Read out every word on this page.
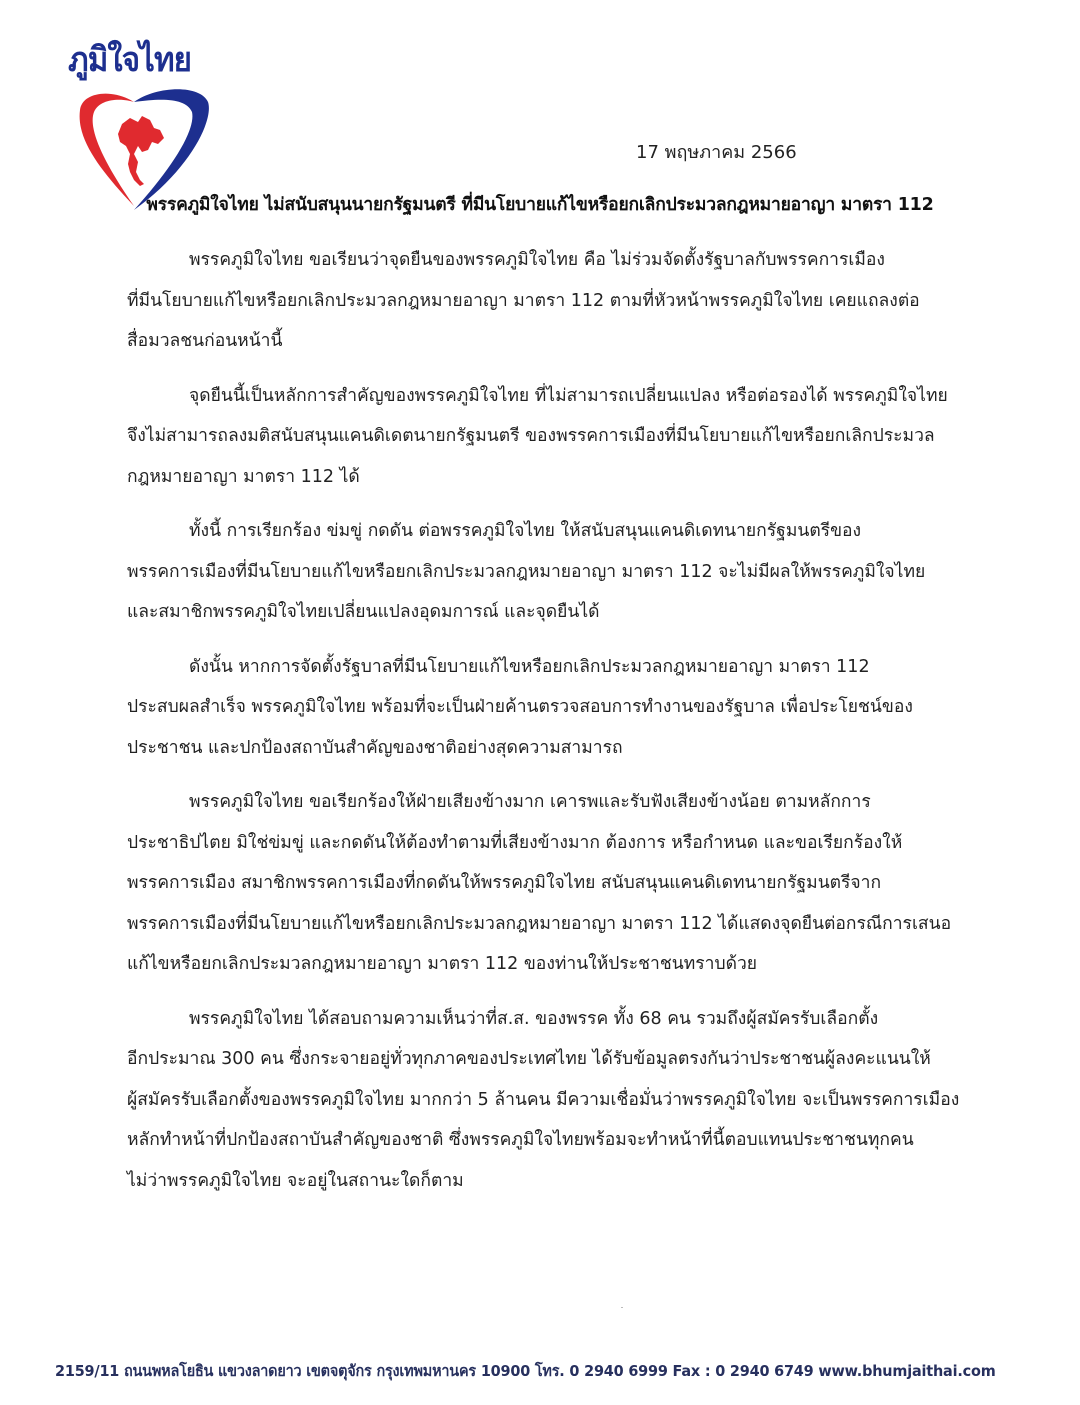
ภูมิใจไทย
17 พฤษภาคม 2566
พรรคภูมิใจไทย ไม่สนับสนุนนายกรัฐมนตรี ที่มีนโยบายแก้ไขหรือยกเลิกประมวลกฎหมายอาญา มาตรา 112
พรรคภูมิใจไทย ขอเรียนว่าจุดยืนของพรรคภูมิใจไทย คือ ไม่ร่วมจัดตั้งรัฐบาลกับพรรคการเมือง
ที่มีนโยบายแก้ไขหรือยกเลิกประมวลกฎหมายอาญา มาตรา 112 ตามที่หัวหน้าพรรคภูมิใจไทย เคยแถลงต่อ
สื่อมวลชนก่อนหน้านี้
จุดยืนนี้เป็นหลักการสำคัญของพรรคภูมิใจไทย ที่ไม่สามารถเปลี่ยนแปลง หรือต่อรองได้ พรรคภูมิใจไทย
จึงไม่สามารถลงมติสนับสนุนแคนดิเดตนายกรัฐมนตรี ของพรรคการเมืองที่มีนโยบายแก้ไขหรือยกเลิกประมวล
กฎหมายอาญา มาตรา 112 ได้
ทั้งนี้ การเรียกร้อง ข่มขู่ กดดัน ต่อพรรคภูมิใจไทย ให้สนับสนุนแคนดิเดทนายกรัฐมนตรีของ
พรรคการเมืองที่มีนโยบายแก้ไขหรือยกเลิกประมวลกฎหมายอาญา มาตรา 112 จะไม่มีผลให้พรรคภูมิใจไทย
และสมาชิกพรรคภูมิใจไทยเปลี่ยนแปลงอุดมการณ์ และจุดยืนได้
ดังนั้น หากการจัดตั้งรัฐบาลที่มีนโยบายแก้ไขหรือยกเลิกประมวลกฎหมายอาญา มาตรา 112
ประสบผลสำเร็จ พรรคภูมิใจไทย พร้อมที่จะเป็นฝ่ายค้านตรวจสอบการทำงานของรัฐบาล เพื่อประโยชน์ของ
ประชาชน และปกป้องสถาบันสำคัญของชาติอย่างสุดความสามารถ
พรรคภูมิใจไทย ขอเรียกร้องให้ฝ่ายเสียงข้างมาก เคารพและรับฟังเสียงข้างน้อย ตามหลักการ
ประชาธิปไตย มิใช่ข่มขู่ และกดดันให้ต้องทำตามที่เสียงข้างมาก ต้องการ หรือกำหนด และขอเรียกร้องให้
พรรคการเมือง สมาชิกพรรคการเมืองที่กดดันให้พรรคภูมิใจไทย สนับสนุนแคนดิเดทนายกรัฐมนตรีจาก
พรรคการเมืองที่มีนโยบายแก้ไขหรือยกเลิกประมวลกฎหมายอาญา มาตรา 112 ได้แสดงจุดยืนต่อกรณีการเสนอ
แก้ไขหรือยกเลิกประมวลกฎหมายอาญา มาตรา 112 ของท่านให้ประชาชนทราบด้วย
พรรคภูมิใจไทย ได้สอบถามความเห็นว่าที่ส.ส. ของพรรค ทั้ง 68 คน รวมถึงผู้สมัครรับเลือกตั้ง
อีกประมาณ 300 คน ซึ่งกระจายอยู่ทั่วทุกภาคของประเทศไทย ได้รับข้อมูลตรงกันว่าประชาชนผู้ลงคะแนนให้
ผู้สมัครรับเลือกตั้งของพรรคภูมิใจไทย มากกว่า 5 ล้านคน มีความเชื่อมั่นว่าพรรคภูมิใจไทย จะเป็นพรรคการเมือง
หลักทำหน้าที่ปกป้องสถาบันสำคัญของชาติ ซึ่งพรรคภูมิใจไทยพร้อมจะทำหน้าที่นี้ตอบแทนประชาชนทุกคน
ไม่ว่าพรรคภูมิใจไทย จะอยู่ในสถานะใดก็ตาม
2159/11 ถนนพหลโยธิน แขวงลาดยาว เขตจตุจักร กรุงเทพมหานคร 10900 โทร. 0 2940 6999 Fax : 0 2940 6749 www.bhumjaithai.com
